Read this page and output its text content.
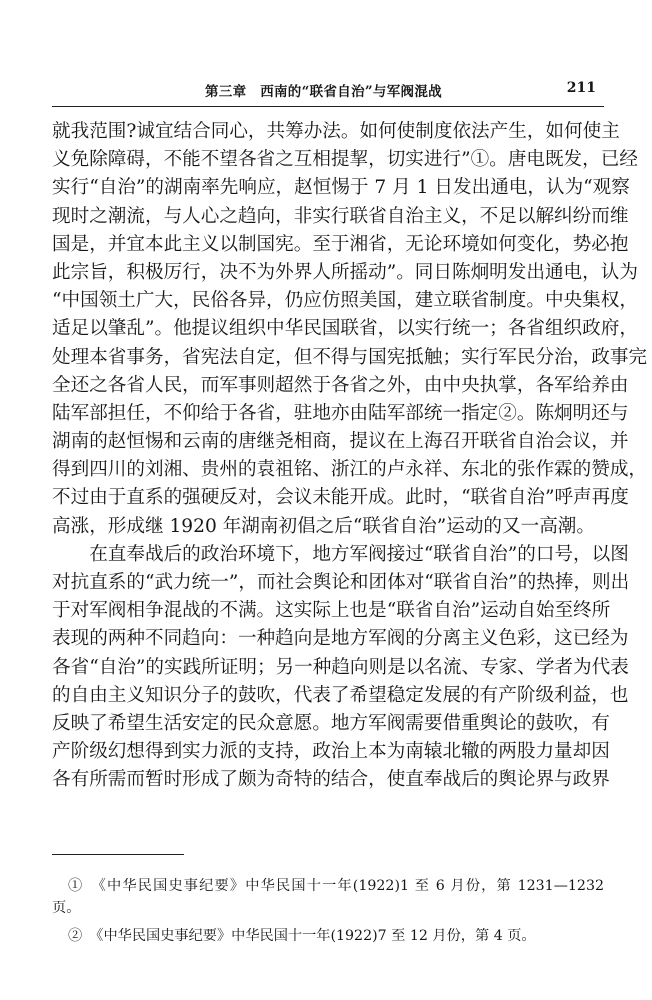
第三章　西南的“联省自治”与军阀混战	211
就我范围?诚宜结合同心，共筹办法。如何使制度依法产生，如何使主
义免除障碍，不能不望各省之互相提挈，切实进行”①。唐电既发，已经
实行“自治”的湖南率先响应，赵恒惕于 7 月 1 日发出通电，认为“观察
现时之潮流，与人心之趋向，非实行联省自治主义，不足以解纠纷而维
国是，并宜本此主义以制国宪。至于湘省，无论环境如何变化，势必抱
此宗旨，积极厉行，决不为外界人所摇动”。同日陈炯明发出通电，认为
“中国领土广大，民俗各异，仍应仿照美国，建立联省制度。中央集权，
适足以肇乱”。他提议组织中华民国联省，以实行统一；各省组织政府，
处理本省事务，省宪法自定，但不得与国宪抵触；实行军民分治，政事完
全还之各省人民，而军事则超然于各省之外，由中央执掌，各军给养由
陆军部担任，不仰给于各省，驻地亦由陆军部统一指定②。陈炯明还与
湖南的赵恒惕和云南的唐继尧相商，提议在上海召开联省自治会议，并
得到四川的刘湘、贵州的袁祖铭、浙江的卢永祥、东北的张作霖的赞成，
不过由于直系的强硬反对，会议未能开成。此时，“联省自治”呼声再度
高涨，形成继 1920 年湖南初倡之后“联省自治”运动的又一高潮。
　　在直奉战后的政治环境下，地方军阀接过“联省自治”的口号，以图
对抗直系的“武力统一”，而社会舆论和团体对“联省自治”的热捧，则出
于对军阀相争混战的不满。这实际上也是“联省自治”运动自始至终所
表现的两种不同趋向：一种趋向是地方军阀的分离主义色彩，这已经为
各省“自治”的实践所证明；另一种趋向则是以名流、专家、学者为代表
的自由主义知识分子的鼓吹，代表了希望稳定发展的有产阶级利益，也
反映了希望生活安定的民众意愿。地方军阀需要借重舆论的鼓吹，有
产阶级幻想得到实力派的支持，政治上本为南辕北辙的两股力量却因
各有所需而暂时形成了颇为奇特的结合，使直奉战后的舆论界与政界
①　《中华民国史事纪要》中华民国十一年(1922)1 至 6 月份，第 1231—1232
页。
②　《中华民国史事纪要》中华民国十一年(1922)7 至 12 月份，第 4 页。
